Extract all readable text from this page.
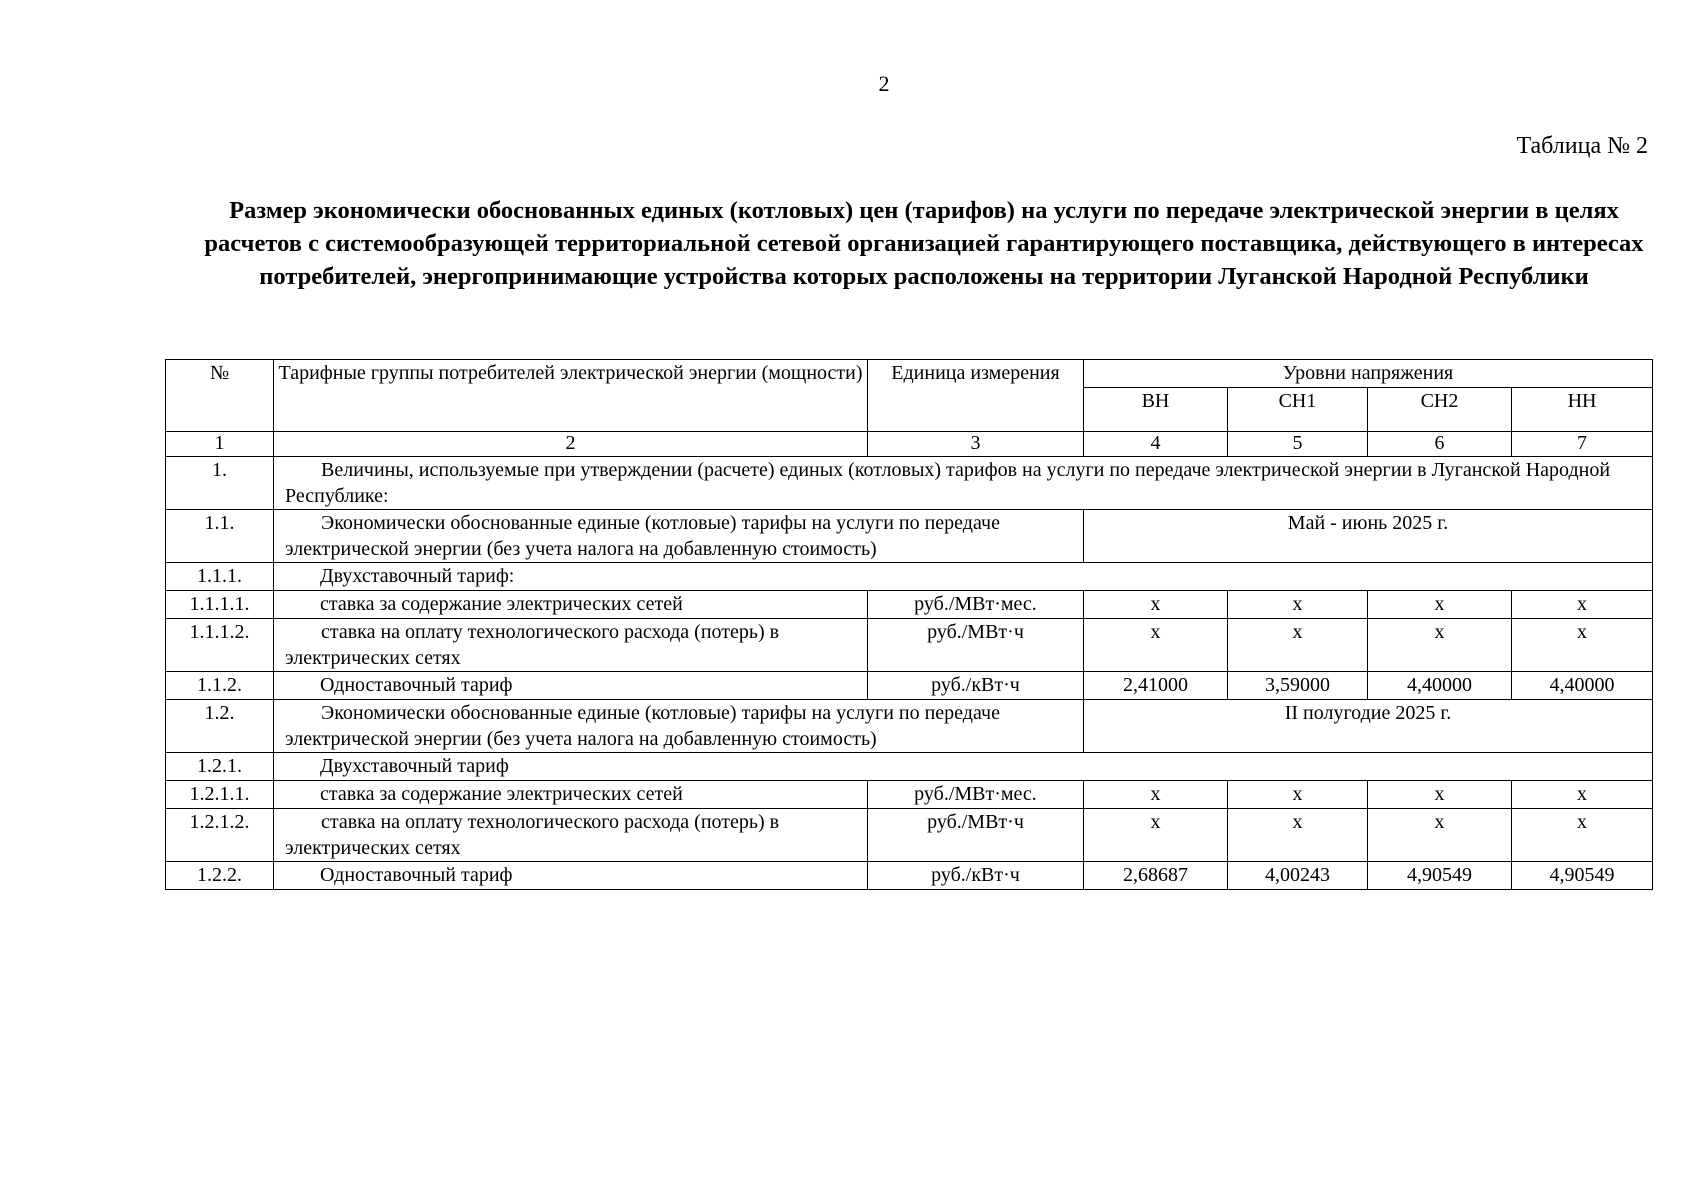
2
Таблица № 2
Размер экономически обоснованных единых (котловых) цен (тарифов) на услуги по передаче электрической энергии в целях расчетов с системообразующей территориальной сетевой организацией гарантирующего поставщика, действующего в интересах потребителей, энергопринимающие устройства которых расположены на территории Луганской Народной Республики
№	Тарифные группы потребителей электрической энергии (мощности)	Единица измерения	Уровни напряжения			
			ВН	СН1	СН2	НН
1	2	3	4	5	6	7
1.	Величины, используемые при утверждении (расчете) единых (котловых) тарифов на услуги по передаче электрической энергии в Луганской Народной Республике:					
1.1.	Экономически обоснованные единые (котловые) тарифы на услуги по передаче электрической энергии (без учета налога на добавленную стоимость)		Май - июнь 2025 г.			
1.1.1.	Двухставочный тариф:					
1.1.1.1.	ставка за содержание электрических сетей	руб./МВт·мес.	х	х	х	х
1.1.1.2.	ставка на оплату технологического расхода (потерь) в электрических сетях	руб./МВт·ч	х	х	х	х
1.1.2.	Одноставочный тариф	руб./кВт·ч	2,41000	3,59000	4,40000	4,40000
1.2.	Экономически обоснованные единые (котловые) тарифы на услуги по передаче электрической энергии (без учета налога на добавленную стоимость)		II полугодие 2025 г.			
1.2.1.	Двухставочный тариф					
1.2.1.1.	ставка за содержание электрических сетей	руб./МВт·мес.	х	х	х	х
1.2.1.2.	ставка на оплату технологического расхода (потерь) в электрических сетях	руб./МВт·ч	х	х	х	х
1.2.2.	Одноставочный тариф	руб./кВт·ч	2,68687	4,00243	4,90549	4,90549
